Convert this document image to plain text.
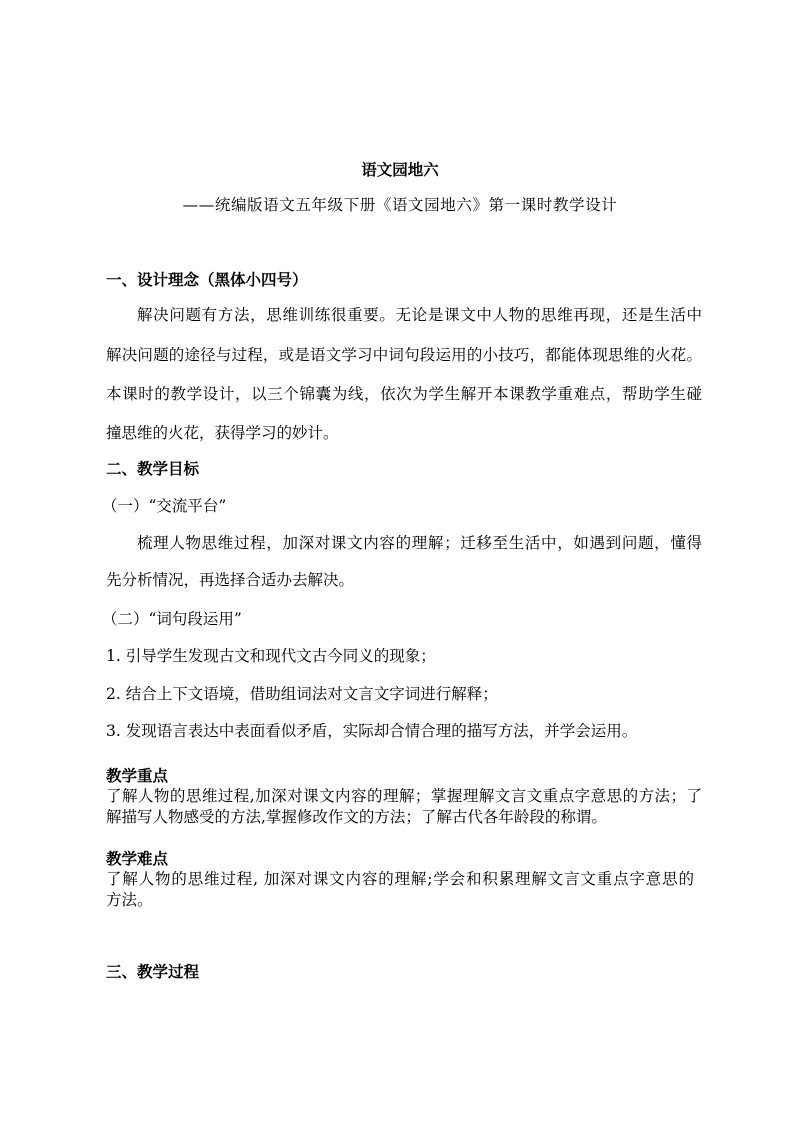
语文园地六
——统编版语文五年级下册《语文园地六》第一课时教学设计
一、设计理念（黑体小四号）
解决问题有方法，思维训练很重要。无论是课文中人物的思维再现，还是生活中
解决问题的途径与过程，或是语文学习中词句段运用的小技巧，都能体现思维的火花。
本课时的教学设计，以三个锦囊为线，依次为学生解开本课教学重难点，帮助学生碰
撞思维的火花，获得学习的妙计。
二、教学目标
（一）“交流平台”
梳理人物思维过程，加深对课文内容的理解；迁移至生活中，如遇到问题，懂得
先分析情况，再选择合适办去解决。
（二）“词句段运用”
1. 引导学生发现古文和现代文古今同义的现象；
2. 结合上下文语境，借助组词法对文言文字词进行解释；
3. 发现语言表达中表面看似矛盾，实际却合情合理的描写方法，并学会运用。
教学重点
了解人物的思维过程,加深对课文内容的理解；掌握理解文言文重点字意思的方法；了
解描写人物感受的方法,掌握修改作文的方法；了解古代各年龄段的称谓。
教学难点
了解人物的思维过程, 加深对课文内容的理解;学会和积累理解文言文重点字意思的
方法。
三、教学过程
